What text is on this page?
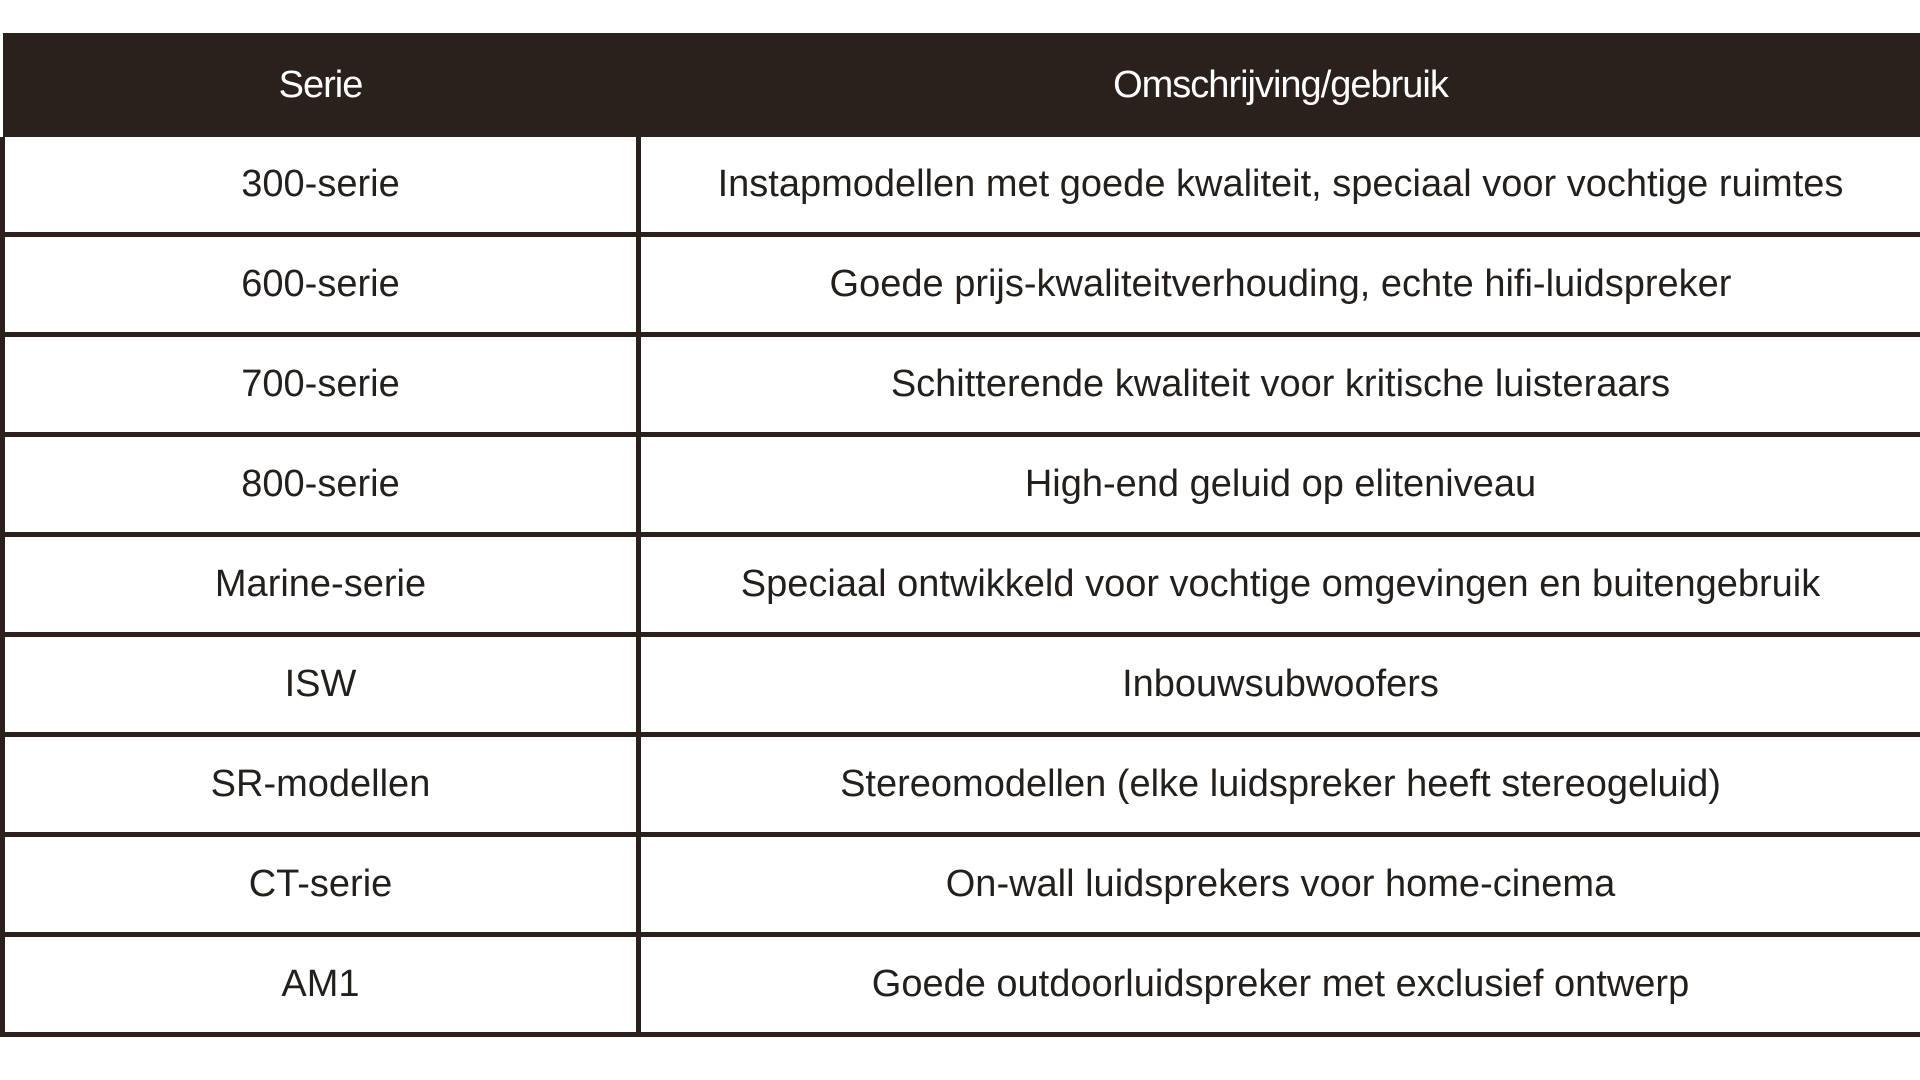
Serie	Omschrijving/gebruik
300-serie	Instapmodellen met goede kwaliteit, speciaal voor vochtige ruimtes
600-serie	Goede prijs-kwaliteitverhouding, echte hifi-luidspreker
700-serie	Schitterende kwaliteit voor kritische luisteraars
800-serie	High-end geluid op eliteniveau
Marine-serie	Speciaal ontwikkeld voor vochtige omgevingen en buitengebruik
ISW	Inbouwsubwoofers
SR-modellen	Stereomodellen (elke luidspreker heeft stereogeluid)
CT-serie	On-wall luidsprekers voor home-cinema
AM1	Goede outdoorluidspreker met exclusief ontwerp
